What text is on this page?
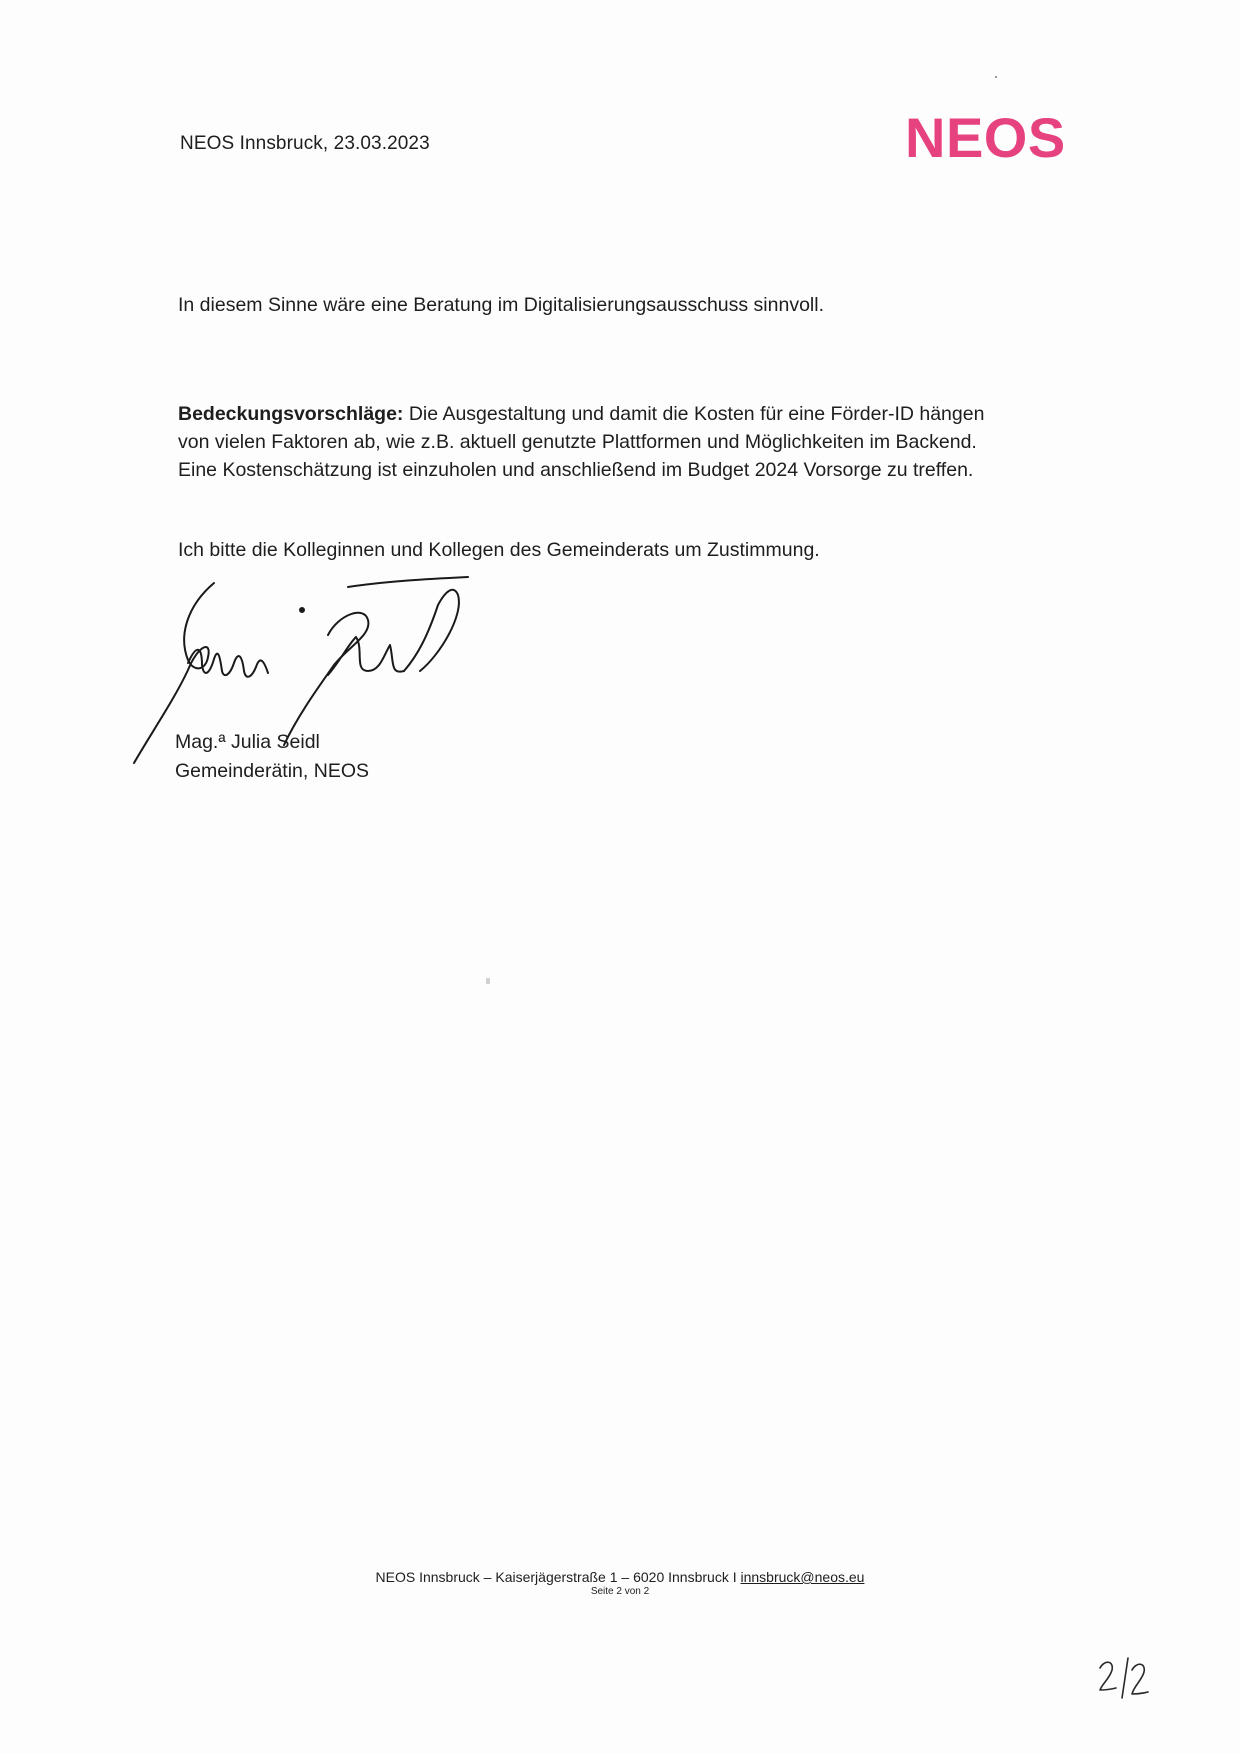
NEOS Innsbruck, 23.03.2023	NEOS
In diesem Sinne wäre eine Beratung im Digitalisierungsausschuss sinnvoll.
Bedeckungsvorschläge: Die Ausgestaltung und damit die Kosten für eine Förder-ID hängen
von vielen Faktoren ab, wie z.B. aktuell genutzte Plattformen und Möglichkeiten im Backend.
Eine Kostenschätzung ist einzuholen und anschließend im Budget 2024 Vorsorge zu treffen.
Ich bitte die Kolleginnen und Kollegen des Gemeinderats um Zustimmung.
Mag.ª Julia Seidl
Gemeinderätin, NEOS
NEOS Innsbruck – Kaiserjägerstraße 1 – 6020 Innsbruck I innsbruck@neos.eu
Seite 2 von 2
